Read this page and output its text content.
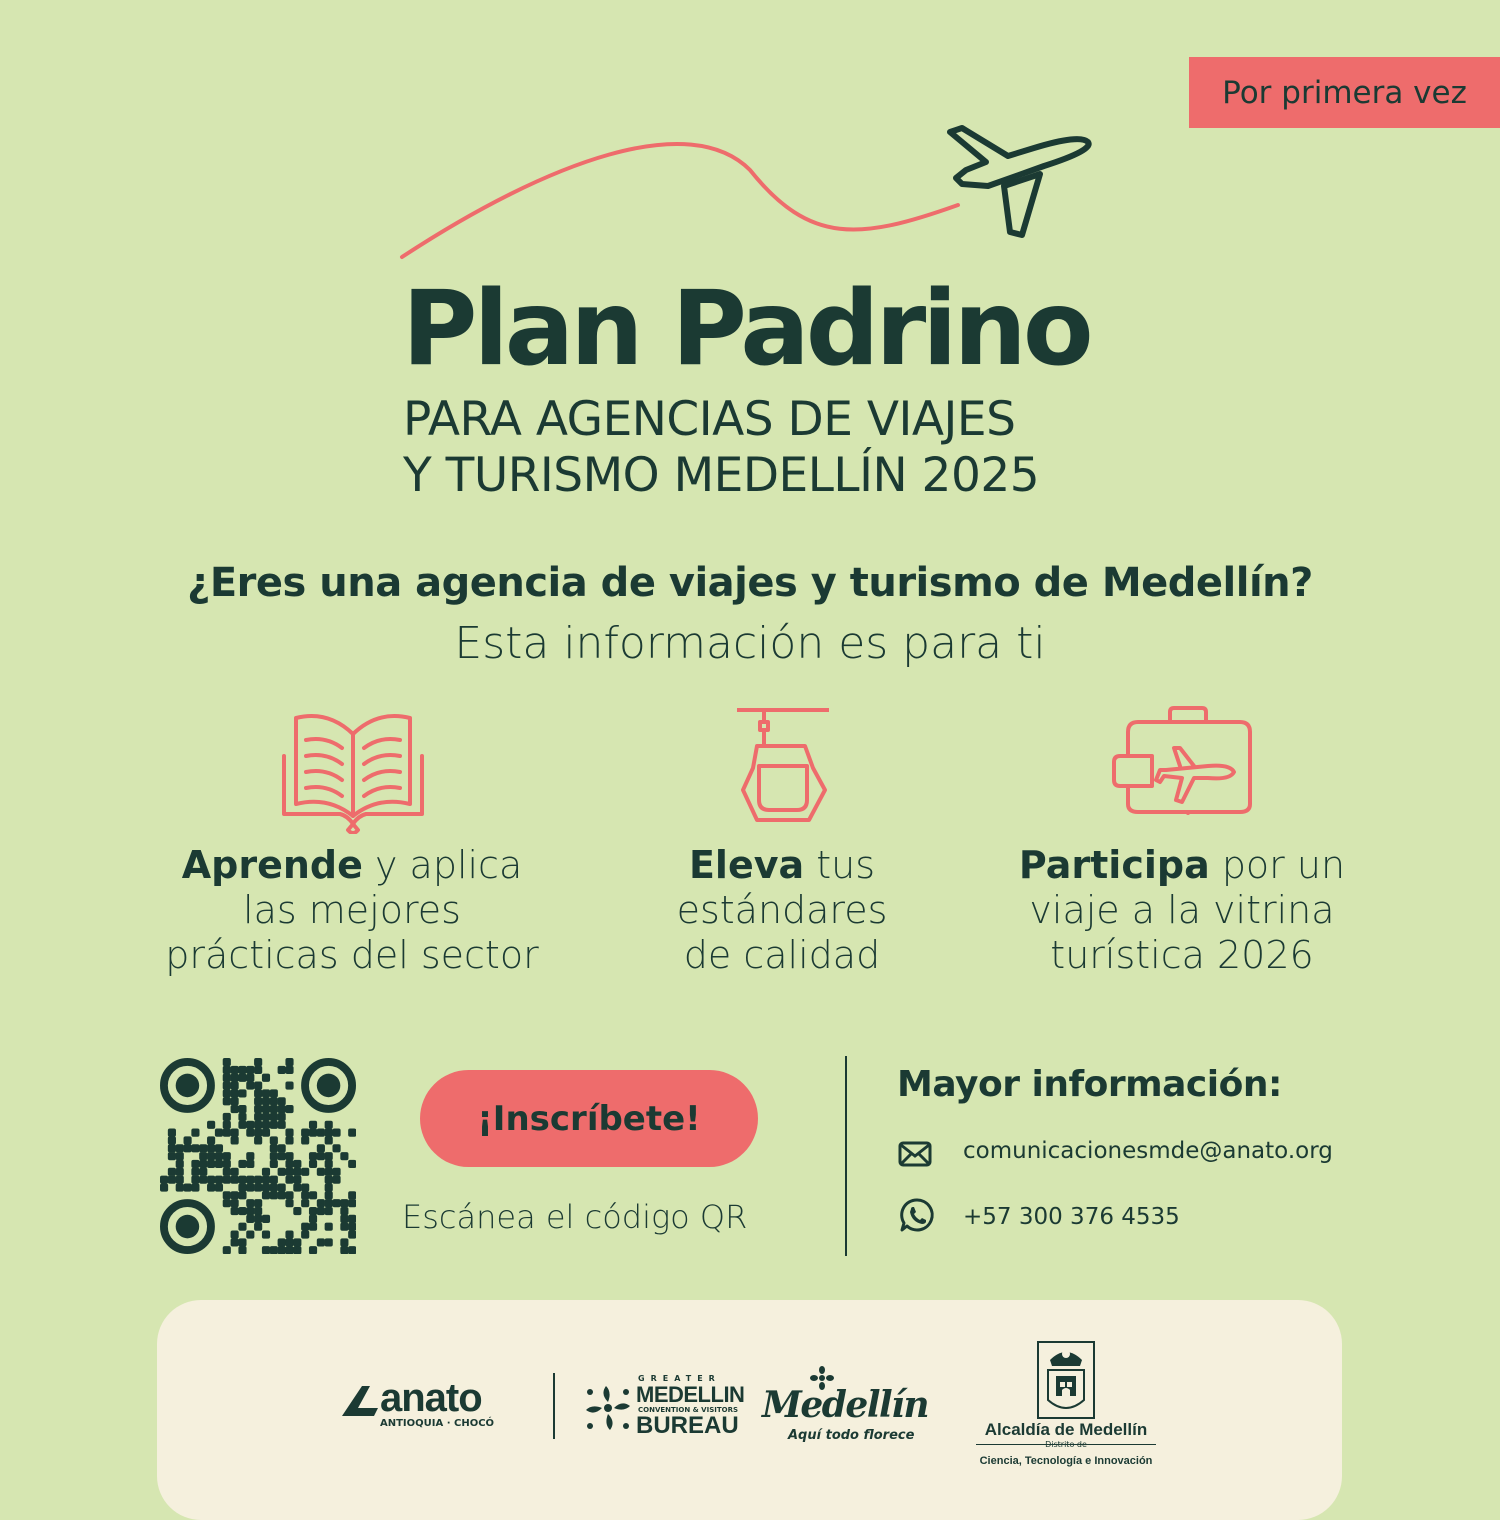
Por primera vez
Plan Padrino
PARA AGENCIAS DE VIAJES
Y TURISMO MEDELLÍN 2025
¿Eres una agencia de viajes y turismo de Medellín?
Esta información es para ti
Aprende y aplica
las mejores
prácticas del sector
Eleva tus
estándares
de calidad
Participa por un
viaje a la vitrina
turística 2026
¡Inscríbete!
Escánea el código QR
Mayor información:
comunicacionesmde@anato.org
+57 300 376 4535
anato
ANTIOQUIA · CHOCÓ
GREATER
MEDELLIN
CONVENTION & VISITORS
BUREAU Medellín
Aquí todo florece	Alcaldía de Medellín
Distrito de
Ciencia, Tecnología e Innovación
